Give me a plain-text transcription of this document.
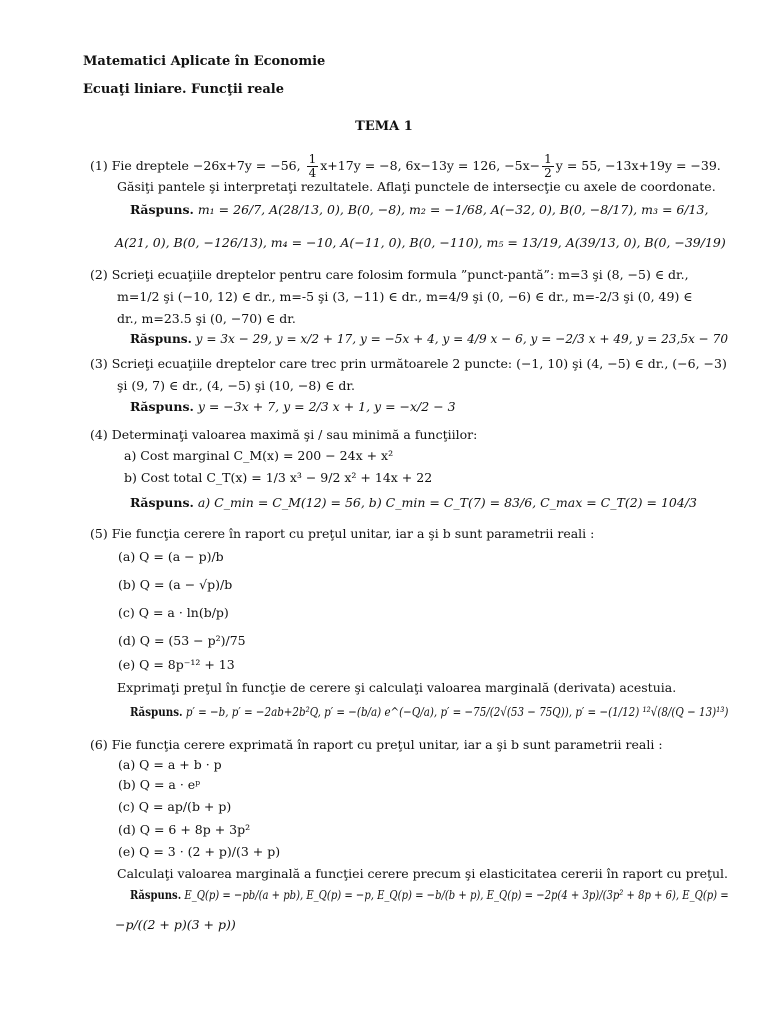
Matematici Aplicate în Economie
Ecuaţi liniare. Funcţii reale
TEMA 1
(1) Fie dreptele −26x+7y = −56, $\frac{1}{4} x+17y = -8$, 6x−13y = 126, $-5x- \frac{1}{2}$ y = 55, −13x+19y = −39.
Găsiţi pantele şi interpretaţi rezultatele. Aflaţi punctele de intersecţie cu axele de coordonate.
Răspuns. m₁ = 26/7, A(28/13, 0), B(0, −8), m₂ = −1/68, A(−32, 0), B(0, −8/17), m₃ = 6/13,
A(21, 0), B(0, −126/13), m₄ = −10, A(−11, 0), B(0, −110), m₅ = 13/19, A(39/13, 0), B(0, −39/19)
(2) Scrieţi ecuaţiile dreptelor pentru care folosim formula ”punct-pantă”: m=3 şi (8, −5) ∈ dr.,
m=1/2 şi (−10, 12) ∈ dr., m=-5 şi (3, −11) ∈ dr., m=4/9 şi (0, −6) ∈ dr., m=-2/3 şi (0, 49) ∈
dr., m=23.5 şi (0, −70) ∈ dr.
Răspuns. y = 3x − 29, y = x/2 + 17, y = −5x + 4, y = 4/9 x − 6, y = −2/3 x + 49, y = 23,5x − 70
(3) Scrieţi ecuaţiile dreptelor care trec prin următoarele 2 puncte: (−1, 10) şi (4, −5) ∈ dr., (−6, −3)
şi (9, 7) ∈ dr., (4, −5) şi (10, −8) ∈ dr.
Răspuns. y = −3x + 7, y = 2/3 x + 1, y = −x/2 − 3
(4) Determinaţi valoarea maximă şi / sau minimă a funcţiilor:
a) Cost marginal C_M(x) = 200 − 24x + x²
b) Cost total C_T(x) = 1/3 x³ − 9/2 x² + 14x + 22
Răspuns. a) C_min = C_M(12) = 56, b) C_min = C_T(7) = 83/6, C_max = C_T(2) = 104/3
(5) Fie funcţia cerere în raport cu preţul unitar, iar a şi b sunt parametrii reali :
(a) Q = (a − p)/b
(b) Q = (a − √p)/b
(c) Q = a · ln(b/p)
(d) Q = (53 − p²)/75
(e) Q = 8p⁻¹² + 13
Exprimaţi preţul în funcţie de cerere şi calculaţi valoarea marginală (derivata) acestuia.
Răspuns. p′ = −b, p′ = −2ab+2b²Q, p′ = −(b/a) e^(−Q/a), p′ = −75/(2√(53 − 75Q)), p′ = −(1/12) ¹²√(8/(Q − 13)¹³)
(6) Fie funcţia cerere exprimată în raport cu preţul unitar, iar a şi b sunt parametrii reali :
(a) Q = a + b · p
(b) Q = a · eᵖ
(c) Q = ap/(b + p)
(d) Q = 6 + 8p + 3p²
(e) Q = 3 · (2 + p)/(3 + p)
Calculaţi valoarea marginală a funcţiei cerere precum şi elasticitatea cererii în raport cu preţul.
Răspuns. E_Q(p) = −pb/(a + pb), E_Q(p) = −p, E_Q(p) = −b/(b + p), E_Q(p) = −2p(4 + 3p)/(3p² + 8p + 6), E_Q(p) =
−p/((2 + p)(3 + p))
